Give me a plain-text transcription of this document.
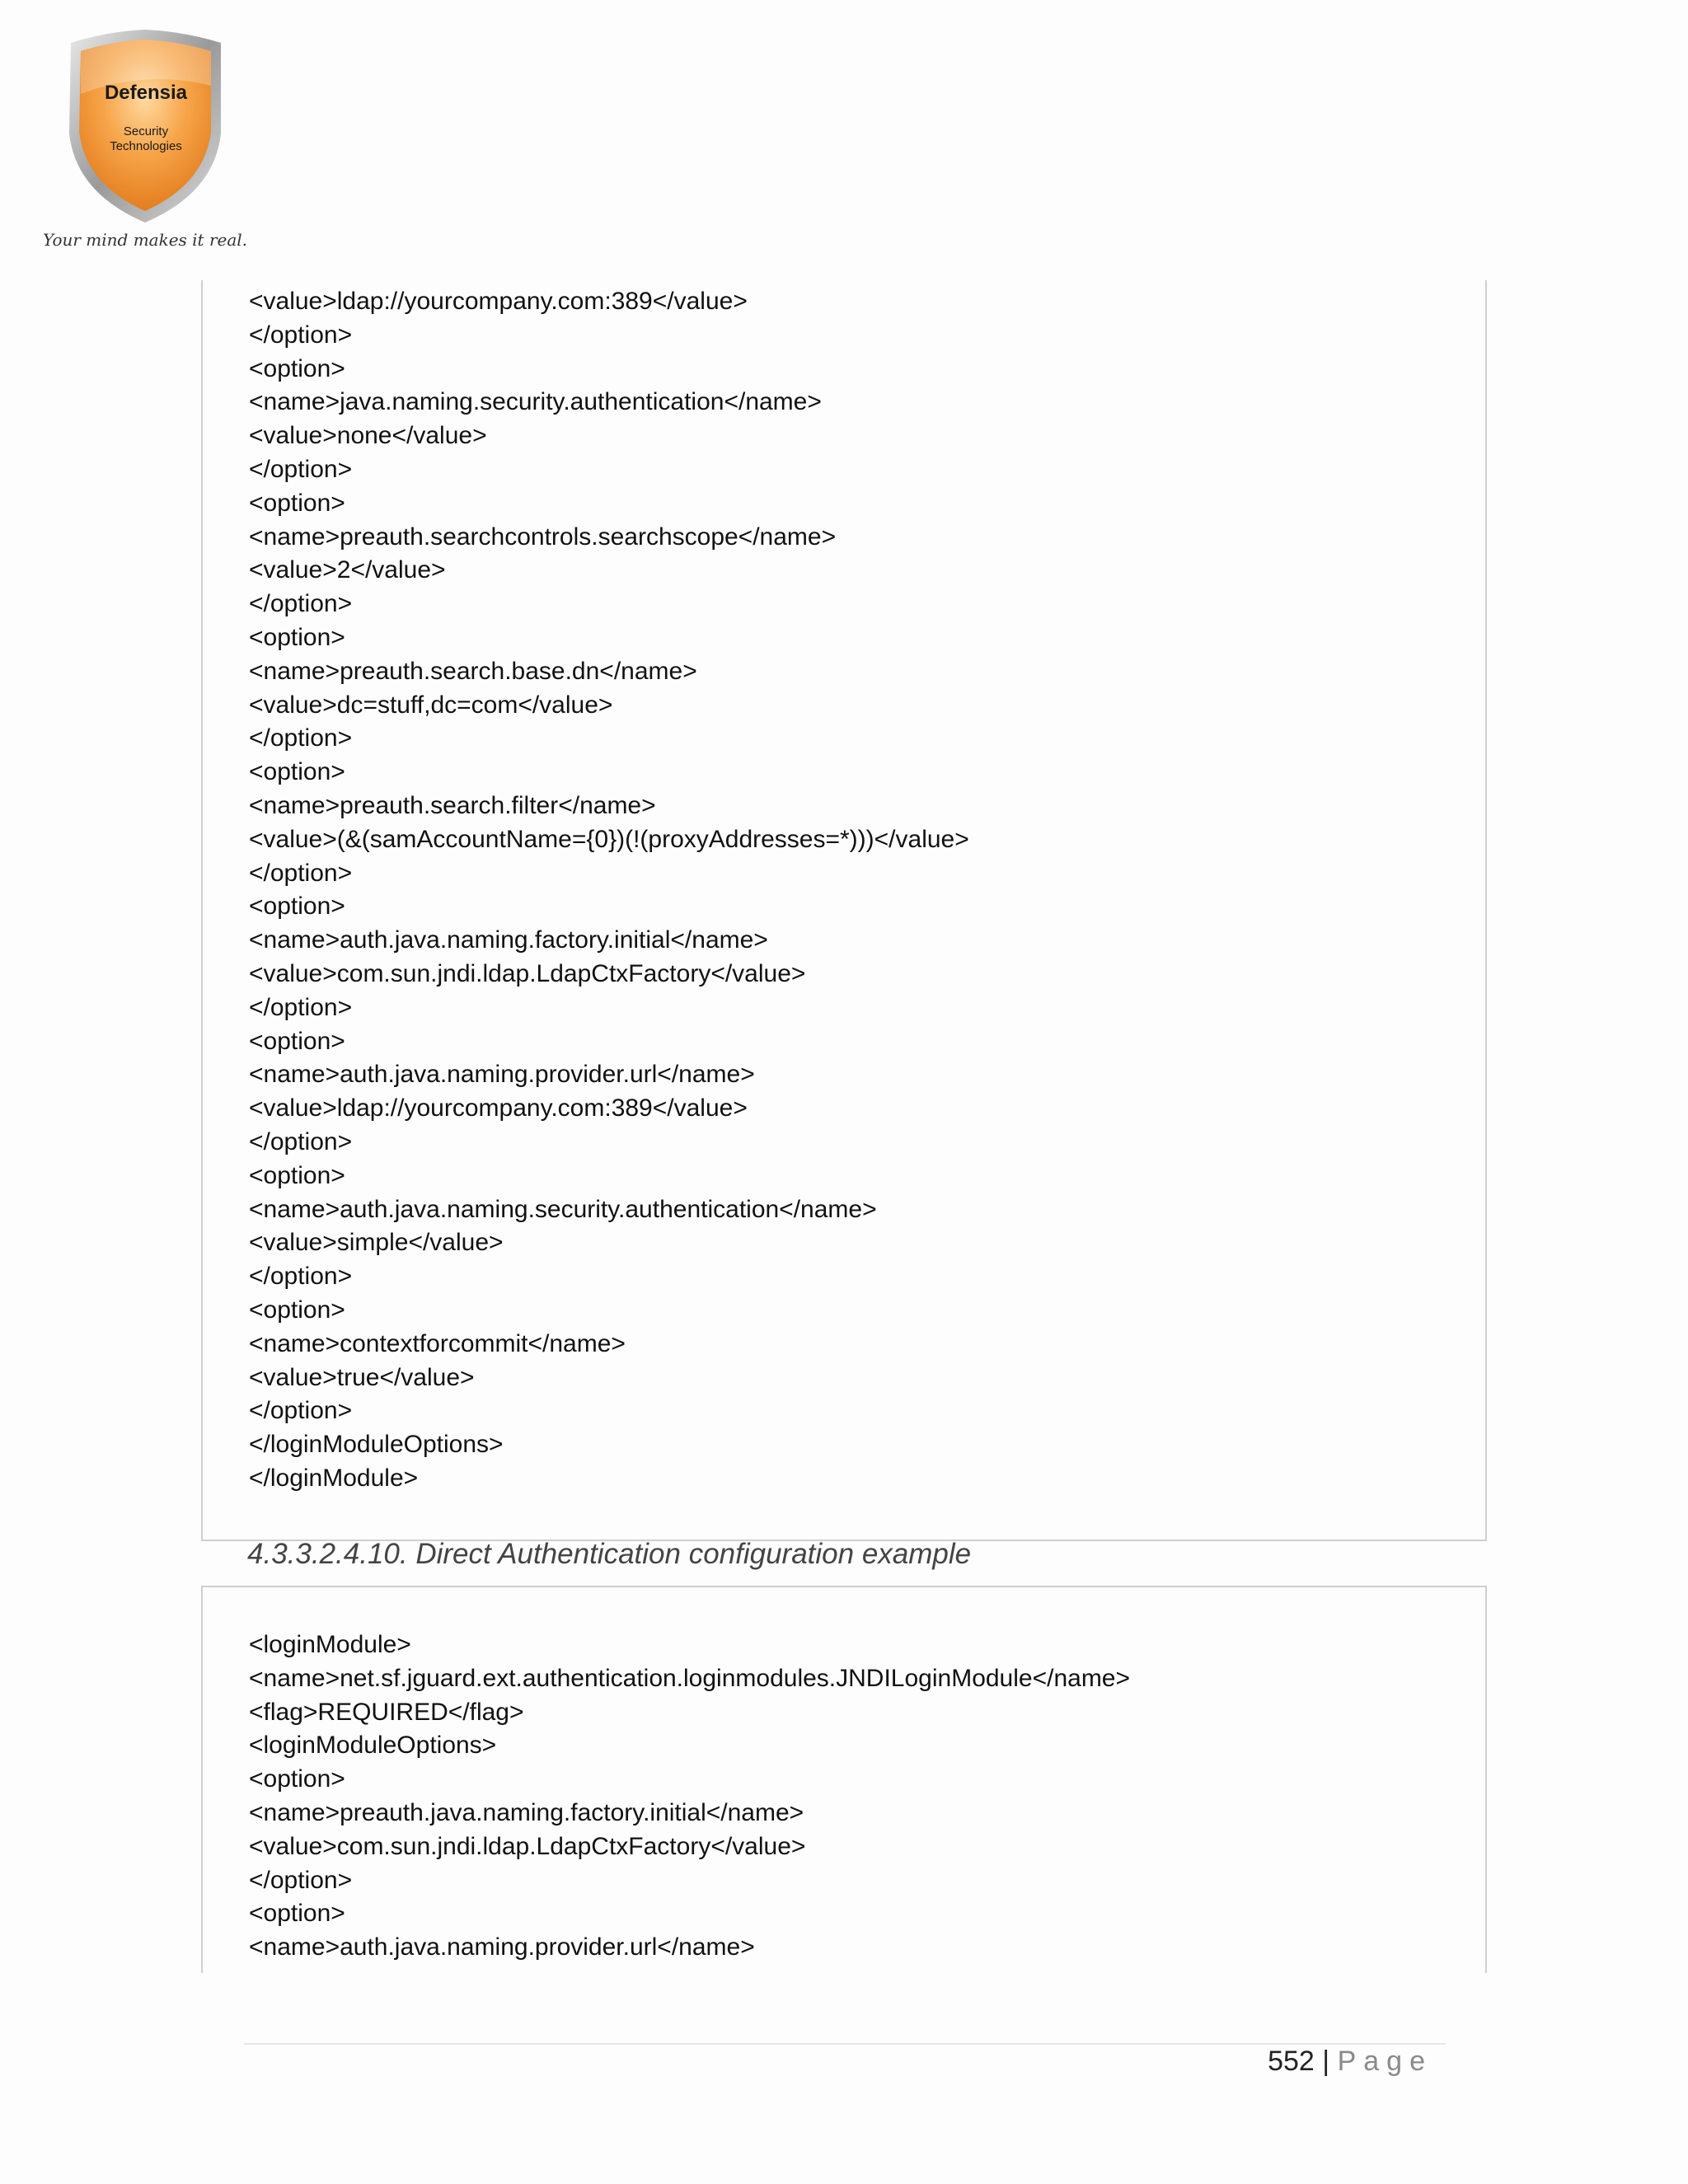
Defensia
Security
Technologies
Your mind makes it real.
<value>ldap://yourcompany.com:389</value>
</option>
<option>
<name>java.naming.security.authentication</name>
<value>none</value>
</option>
<option>
<name>preauth.searchcontrols.searchscope</name>
<value>2</value>
</option>
<option>
<name>preauth.search.base.dn</name>
<value>dc=stuff,dc=com</value>
</option>
<option>
<name>preauth.search.filter</name>
<value>(&(samAccountName={0})(!(proxyAddresses=*)))</value>
</option>
<option>
<name>auth.java.naming.factory.initial</name>
<value>com.sun.jndi.ldap.LdapCtxFactory</value>
</option>
<option>
<name>auth.java.naming.provider.url</name>
<value>ldap://yourcompany.com:389</value>
</option>
<option>
<name>auth.java.naming.security.authentication</name>
<value>simple</value>
</option>
<option>
<name>contextforcommit</name>
<value>true</value>
</option>
</loginModuleOptions>
</loginModule>
4.3.3.2.4.10. Direct Authentication configuration example
<loginModule>
<name>net.sf.jguard.ext.authentication.loginmodules.JNDILoginModule</name>
<flag>REQUIRED</flag>
<loginModuleOptions>
<option>
<name>preauth.java.naming.factory.initial</name>
<value>com.sun.jndi.ldap.LdapCtxFactory</value>
</option>
<option>
<name>auth.java.naming.provider.url</name>
552 | Page
